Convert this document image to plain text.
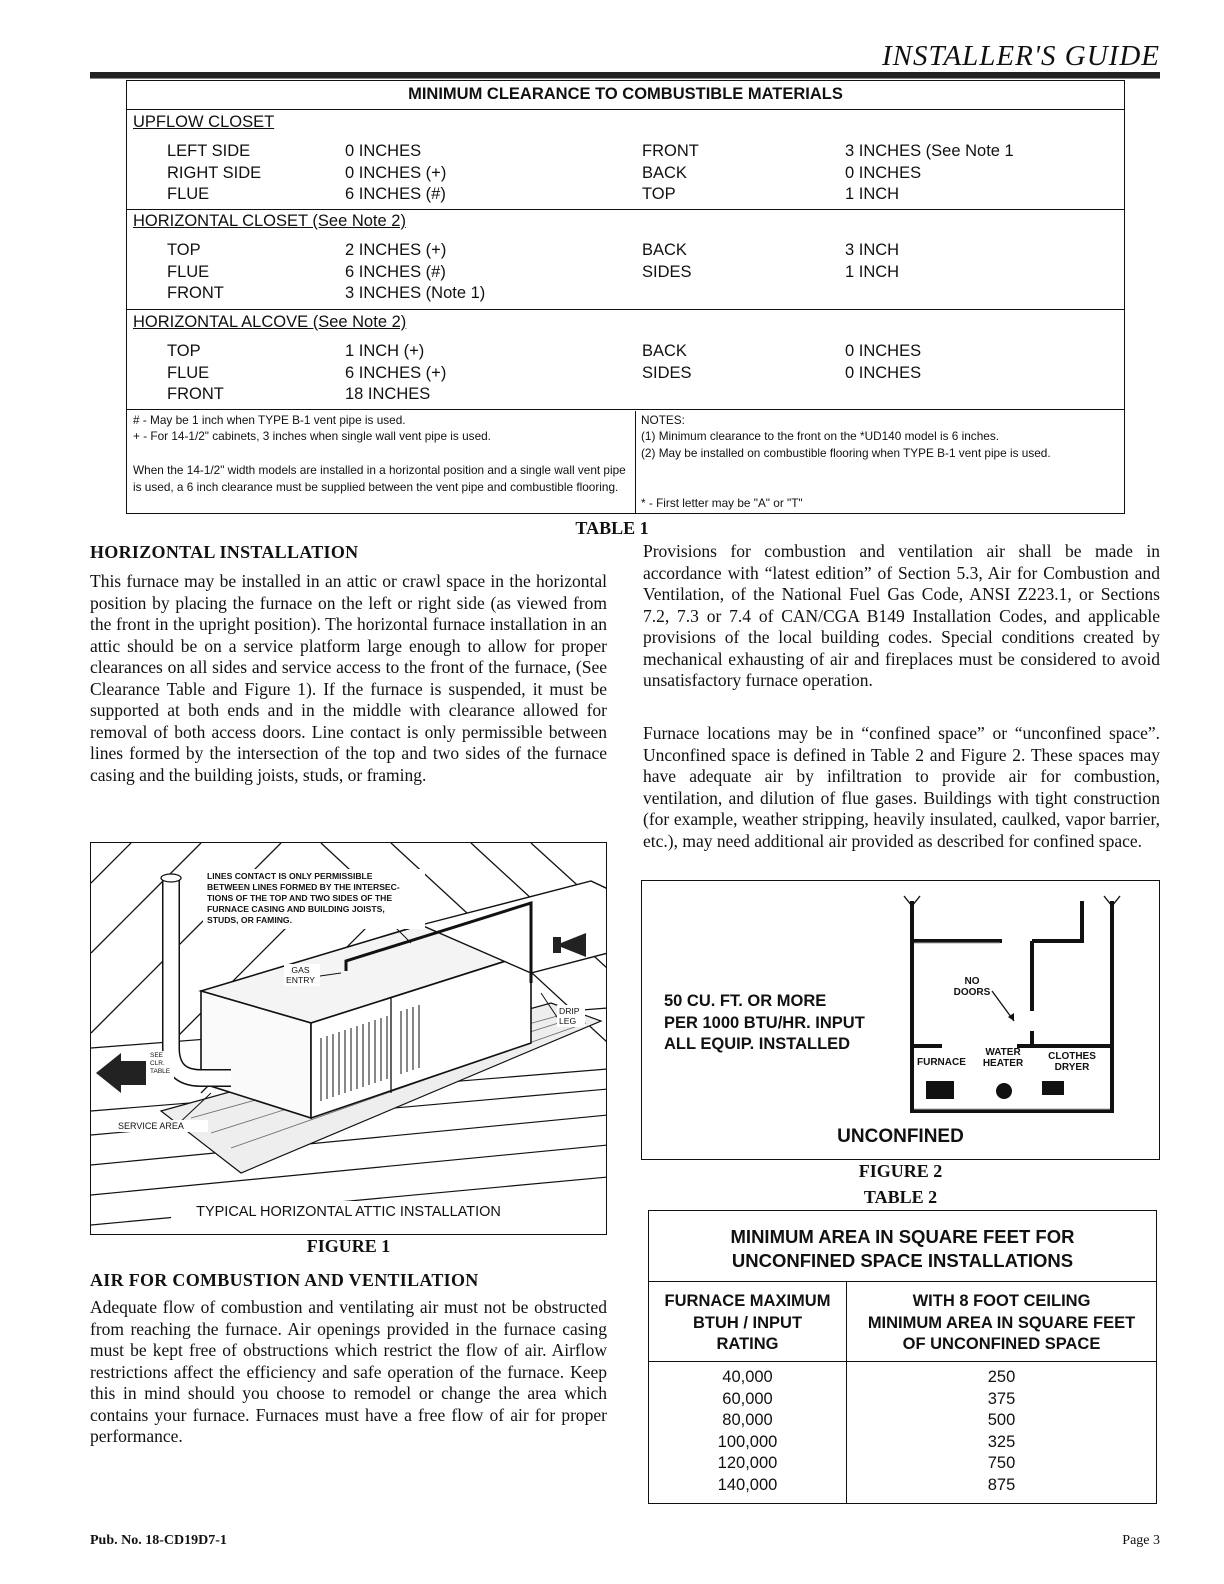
INSTALLER'S GUIDE
MINIMUM CLEARANCE TO COMBUSTIBLE MATERIALS
UPFLOW CLOSET
LEFT SIDE
RIGHT SIDE
FLUE
0 INCHES
0 INCHES (+)
6 INCHES (#)
FRONT
BACK
TOP
3 INCHES (See Note 1
0 INCHES
1 INCH
HORIZONTAL CLOSET (See Note 2)
TOP
FLUE
FRONT
2 INCHES (+)
6 INCHES (#)
3 INCHES (Note 1)
BACK
SIDES
3 INCH
1 INCH
HORIZONTAL ALCOVE (See Note 2)
TOP
FLUE
FRONT
1 INCH (+)
6 INCHES (+)
18 INCHES
BACK
SIDES
0 INCHES
0 INCHES
# - May be 1 inch when TYPE B-1 vent pipe is used.
+ - For 14-1/2" cabinets, 3 inches when single wall vent pipe is used.
When the 14-1/2" width models are installed in a horizontal position and a single wall vent pipe is used, a 6 inch clearance must be supplied between the vent pipe and combustible flooring.
NOTES:
(1) Minimum clearance to the front on the *UD140 model is 6 inches.
(2) May be installed on combustible flooring when TYPE B-1 vent pipe is used.
* - First letter may be "A" or "T"
TABLE 1
HORIZONTAL INSTALLATION
This furnace may be installed in an attic or crawl space in the horizontal position by placing the furnace on the left or right side (as viewed from the front in the upright position). The horizontal furnace installation in an attic should be on a service platform large enough to allow for proper clearances on all sides and service access to the front of the furnace, (See Clearance Table and Figure 1). If the furnace is suspended, it must be supported at both ends and in the middle with clearance allowed for removal of both access doors. Line contact is only permissible between lines formed by the intersection of the top and two sides of the furnace casing and the building joists, studs, or framing.
LINES CONTACT IS ONLY PERMISSIBLE
BETWEEN LINES FORMED BY THE INTERSEC-
TIONS OF THE TOP AND TWO SIDES OF THE
FURNACE CASING AND BUILDING JOISTS,
STUDS, OR FAMING.
GAS
ENTRY
DRIP
LEG
SEE
CLR.
TABLE
SERVICE AREA
TYPICAL HORIZONTAL ATTIC INSTALLATION
FIGURE 1
AIR FOR COMBUSTION AND VENTILATION
Adequate flow of combustion and ventilating air must not be obstructed from reaching the furnace. Air openings provided in the furnace casing must be kept free of obstructions which restrict the flow of air. Airflow restrictions affect the efficiency and safe operation of the furnace. Keep this in mind should you choose to remodel or change the area which contains your furnace. Furnaces must have a free flow of air for proper performance.
Provisions for combustion and ventilation air shall be made in accordance with “latest edition” of Section 5.3, Air for Combustion and Ventilation, of the National Fuel Gas Code, ANSI Z223.1, or Sections 7.2, 7.3 or 7.4 of CAN/CGA B149 Installation Codes, and applicable provisions of the local building codes. Special conditions created by mechanical exhausting of air and fireplaces must be considered to avoid unsatisfactory furnace operation.
Furnace locations may be in “confined space” or “unconfined space”. Unconfined space is defined in Table 2 and Figure 2. These spaces may have adequate air by infiltration to provide air for combustion, ventilation, and dilution of flue gases. Buildings with tight construction (for example, weather stripping, heavily insulated, caulked, vapor barrier, etc.), may need additional air provided as described for confined space.
50 CU. FT. OR MORE
PER 1000 BTU/HR. INPUT
ALL EQUIP. INSTALLED
NO
DOORS
FURNACE
WATER
HEATER
CLOTHES
DRYER
UNCONFINED
FIGURE 2
TABLE 2
MINIMUM AREA IN SQUARE FEET FOR
UNCONFINED SPACE INSTALLATIONS
FURNACE MAXIMUM
BTUH / INPUT
RATING
WITH 8 FOOT CEILING
MINIMUM AREA IN SQUARE FEET
OF UNCONFINED SPACE
40,000
60,000
80,000
100,000
120,000
140,000
250
375
500
325
750
875
Pub. No. 18-CD19D7-1	Page 3
